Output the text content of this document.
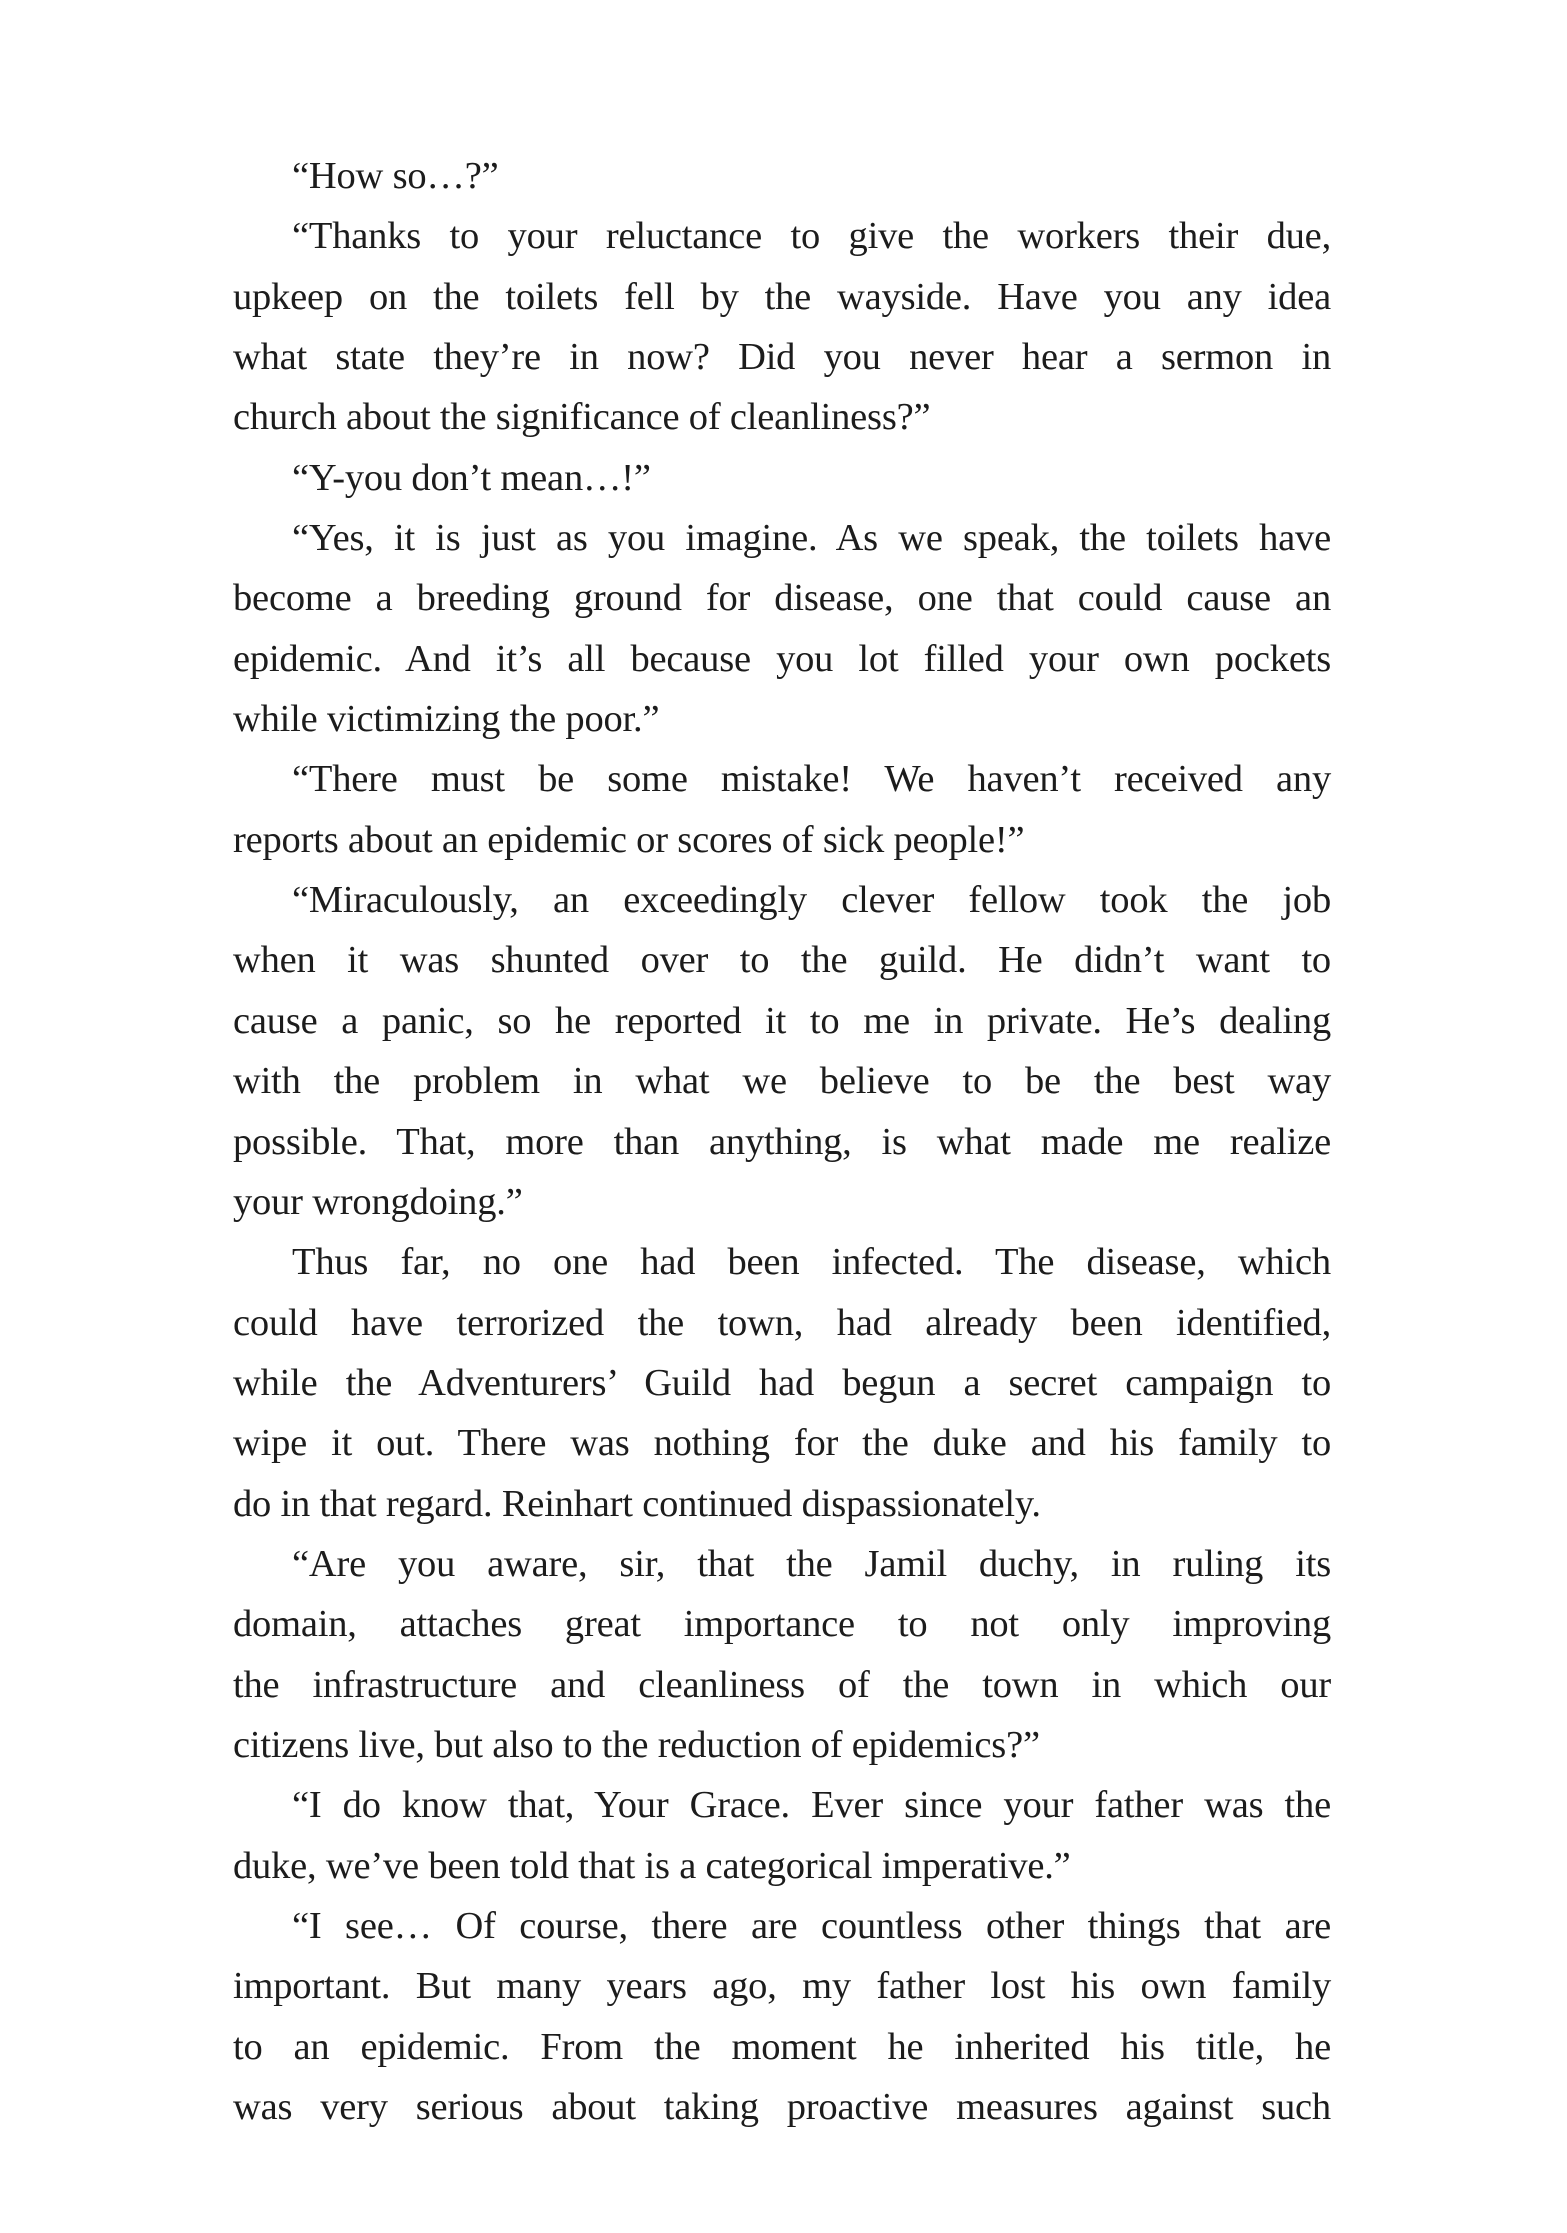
“How so…?”
“Thanks to your reluctance to give the workers their due,
upkeep on the toilets fell by the wayside. Have you any idea
what state they’re in now? Did you never hear a sermon in
church about the significance of cleanliness?”
“Y-you don’t mean…!”
“Yes, it is just as you imagine. As we speak, the toilets have
become a breeding ground for disease, one that could cause an
epidemic. And it’s all because you lot filled your own pockets
while victimizing the poor.”
“There must be some mistake! We haven’t received any
reports about an epidemic or scores of sick people!”
“Miraculously, an exceedingly clever fellow took the job
when it was shunted over to the guild. He didn’t want to
cause a panic, so he reported it to me in private. He’s dealing
with the problem in what we believe to be the best way
possible. That, more than anything, is what made me realize
your wrongdoing.”
Thus far, no one had been infected. The disease, which
could have terrorized the town, had already been identified,
while the Adventurers’ Guild had begun a secret campaign to
wipe it out. There was nothing for the duke and his family to
do in that regard. Reinhart continued dispassionately.
“Are you aware, sir, that the Jamil duchy, in ruling its
domain, attaches great importance to not only improving
the infrastructure and cleanliness of the town in which our
citizens live, but also to the reduction of epidemics?”
“I do know that, Your Grace. Ever since your father was the
duke, we’ve been told that is a categorical imperative.”
“I see… Of course, there are countless other things that are
important. But many years ago, my father lost his own family
to an epidemic. From the moment he inherited his title, he
was very serious about taking proactive measures against such
